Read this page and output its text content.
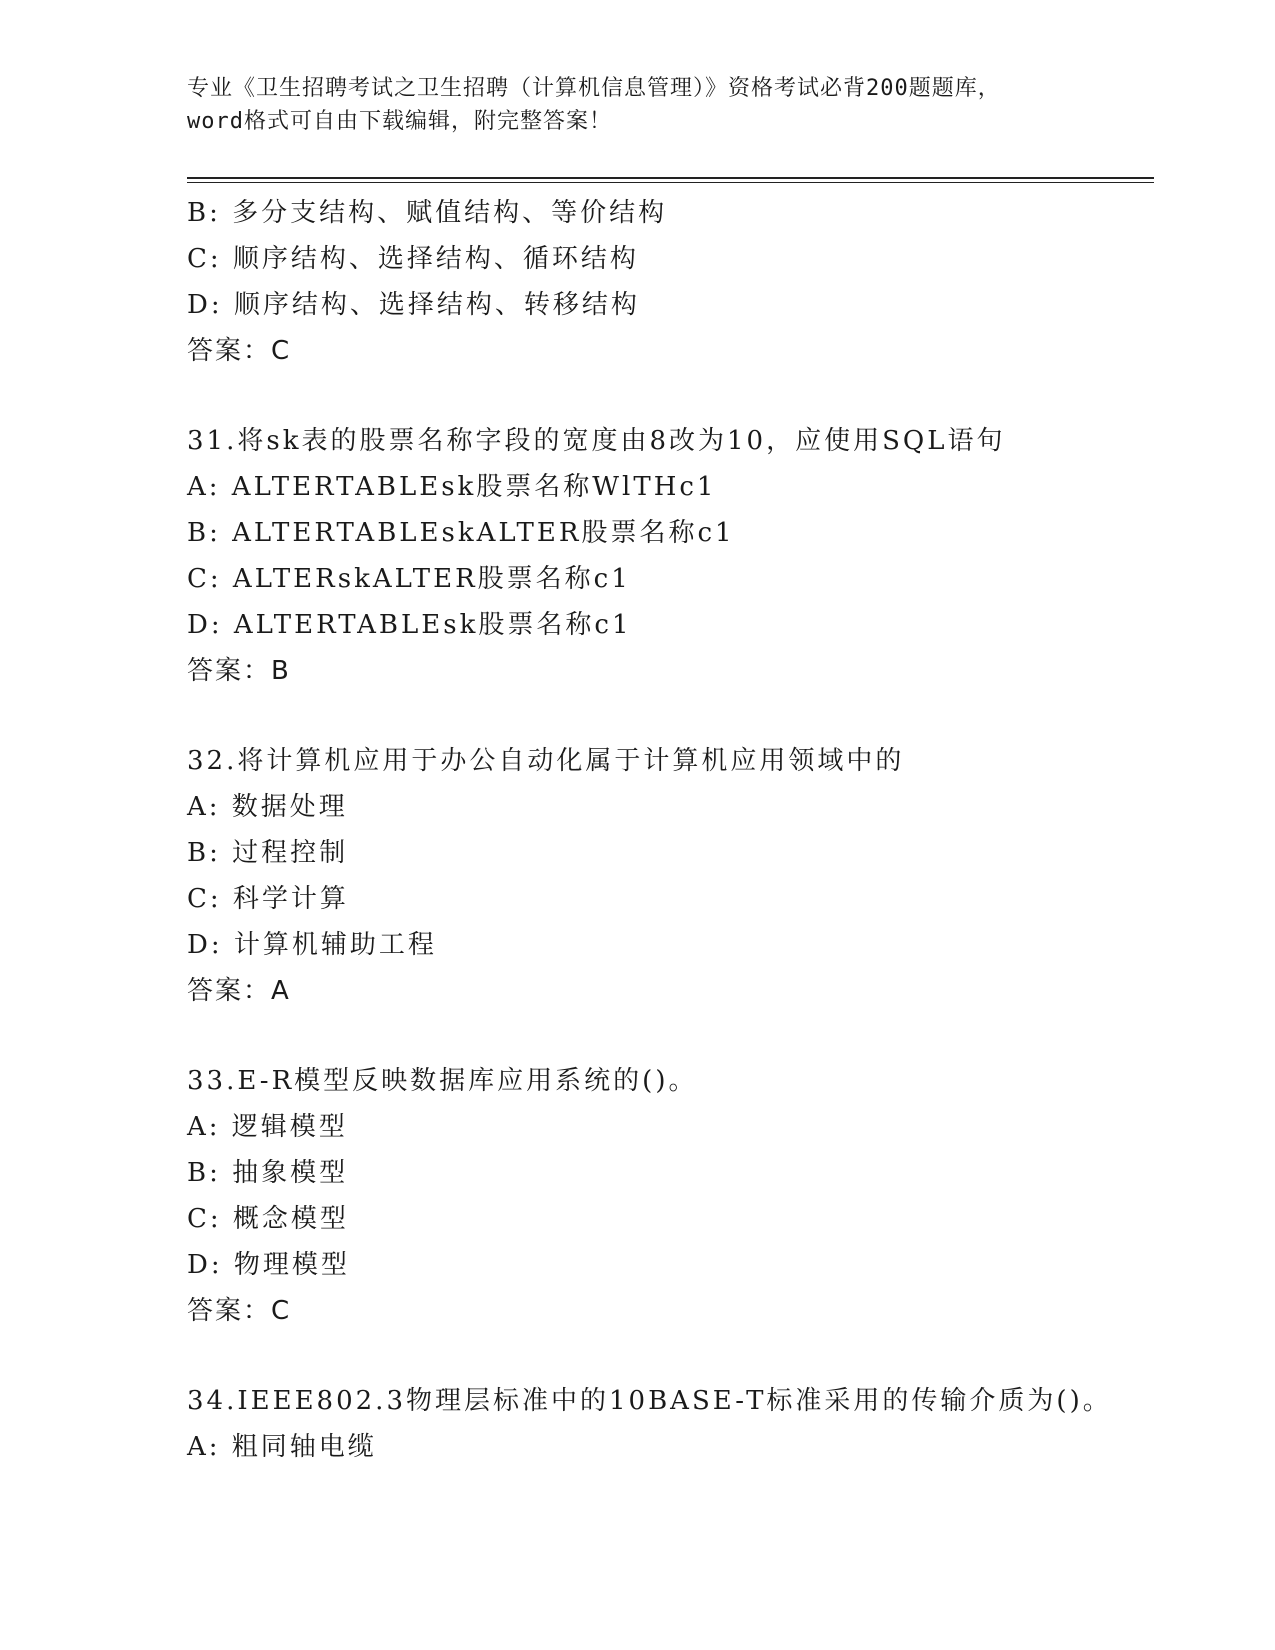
专业《卫生招聘考试之卫生招聘（计算机信息管理）》资格考试必背200题题库，
word格式可自由下载编辑，附完整答案！
B: 多分支结构、赋值结构、等价结构
C: 顺序结构、选择结构、循环结构
D: 顺序结构、选择结构、转移结构
答案：C
31.将sk表的股票名称字段的宽度由8改为10，应使用SQL语句
A: ALTERTABLEsk股票名称WlTHc1
B: ALTERTABLEskALTER股票名称c1
C: ALTERskALTER股票名称c1
D: ALTERTABLEsk股票名称c1
答案：B
32.将计算机应用于办公自动化属于计算机应用领域中的
A: 数据处理
B: 过程控制
C: 科学计算
D: 计算机辅助工程
答案：A
33.E-R模型反映数据库应用系统的()。
A: 逻辑模型
B: 抽象模型
C: 概念模型
D: 物理模型
答案：C
34.IEEE802.3物理层标准中的10BASE-T标准采用的传输介质为()。
A: 粗同轴电缆
